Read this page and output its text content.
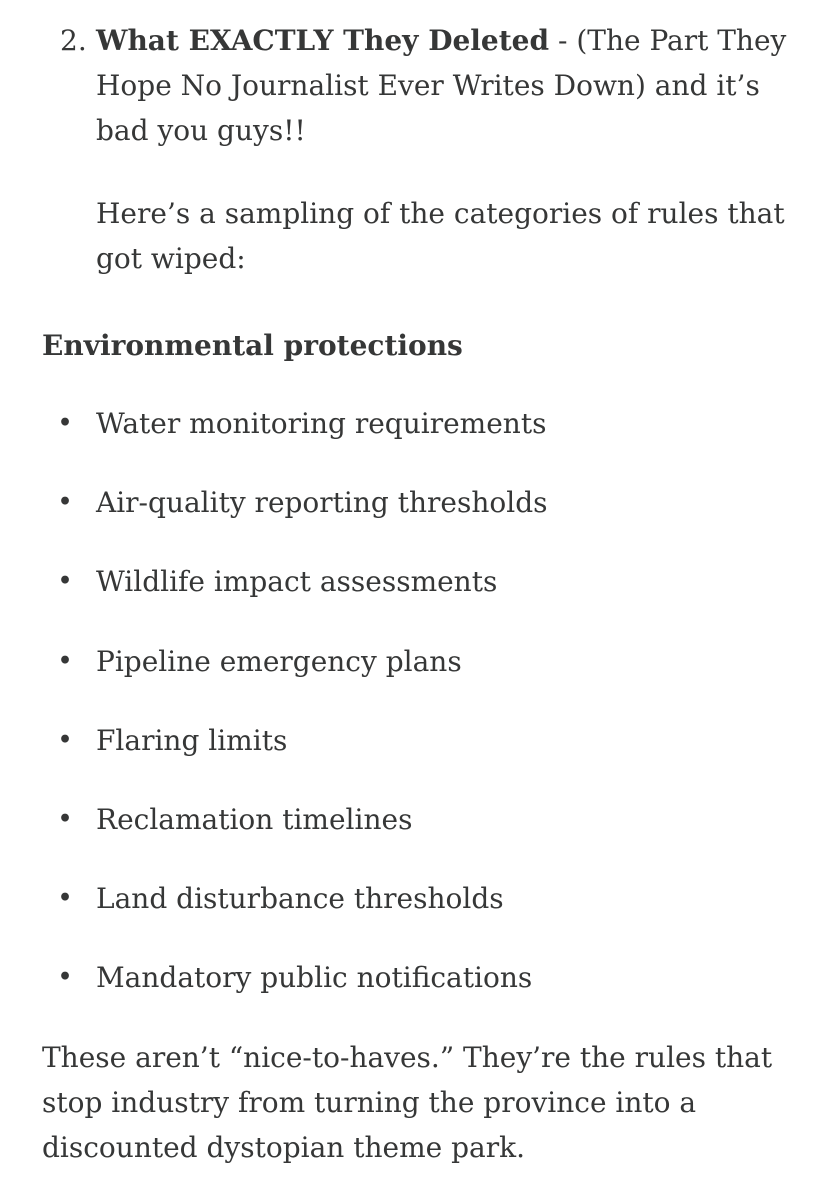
2. What EXACTLY They Deleted - (The Part They Hope No Journalist Ever Writes Down) and it’s bad you guys!!

Here’s a sampling of the categories of rules that got wiped:

Environmental protections
• Water monitoring requirements
• Air-quality reporting thresholds
• Wildlife impact assessments
• Pipeline emergency plans
• Flaring limits
• Reclamation timelines
• Land disturbance thresholds
• Mandatory public notifications

These aren’t “nice-to-haves.” They’re the rules that stop industry from turning the province into a discounted dystopian theme park.
